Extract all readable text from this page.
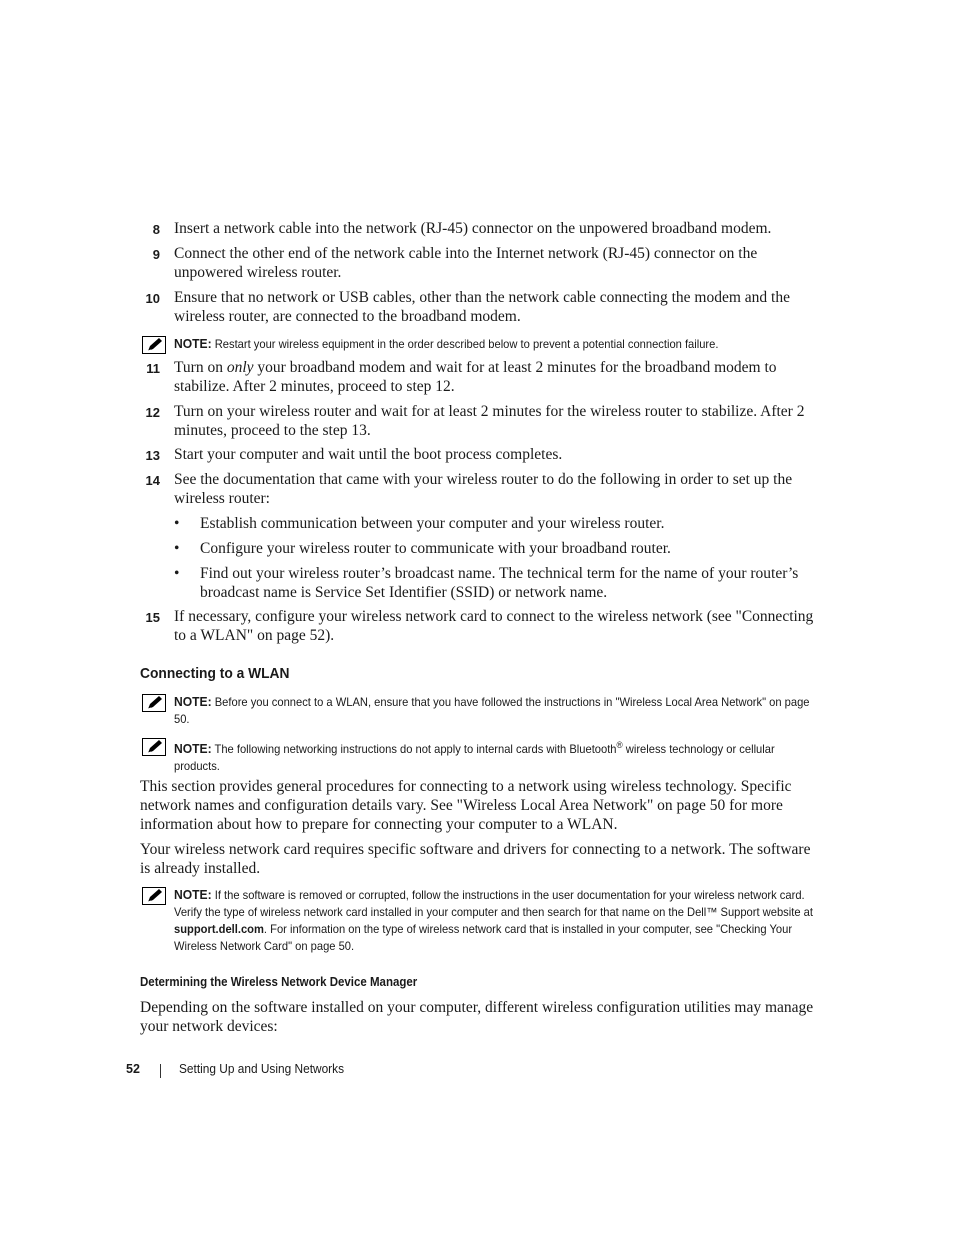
8 Insert a network cable into the network (RJ-45) connector on the unpowered broadband modem.
9 Connect the other end of the network cable into the Internet network (RJ-45) connector on the unpowered wireless router.
10 Ensure that no network or USB cables, other than the network cable connecting the modem and the wireless router, are connected to the broadband modem.
NOTE: Restart your wireless equipment in the order described below to prevent a potential connection failure.
11 Turn on only your broadband modem and wait for at least 2 minutes for the broadband modem to stabilize. After 2 minutes, proceed to step 12.
12 Turn on your wireless router and wait for at least 2 minutes for the wireless router to stabilize. After 2 minutes, proceed to the step 13.
13 Start your computer and wait until the boot process completes.
14 See the documentation that came with your wireless router to do the following in order to set up the wireless router:
• Establish communication between your computer and your wireless router.
• Configure your wireless router to communicate with your broadband router.
• Find out your wireless router’s broadcast name. The technical term for the name of your router’s broadcast name is Service Set Identifier (SSID) or network name.
15 If necessary, configure your wireless network card to connect to the wireless network (see "Connecting to a WLAN" on page 52).
Connecting to a WLAN
NOTE: Before you connect to a WLAN, ensure that you have followed the instructions in "Wireless Local Area Network" on page 50.
NOTE: The following networking instructions do not apply to internal cards with Bluetooth® wireless technology or cellular products.
This section provides general procedures for connecting to a network using wireless technology. Specific network names and configuration details vary. See "Wireless Local Area Network" on page 50 for more information about how to prepare for connecting your computer to a WLAN.
Your wireless network card requires specific software and drivers for connecting to a network. The software is already installed.
NOTE: If the software is removed or corrupted, follow the instructions in the user documentation for your wireless network card. Verify the type of wireless network card installed in your computer and then search for that name on the Dell™ Support website at support.dell.com. For information on the type of wireless network card that is installed in your computer, see "Checking Your Wireless Network Card" on page 50.
Determining the Wireless Network Device Manager
Depending on the software installed on your computer, different wireless configuration utilities may manage your network devices:
52	Setting Up and Using Networks
